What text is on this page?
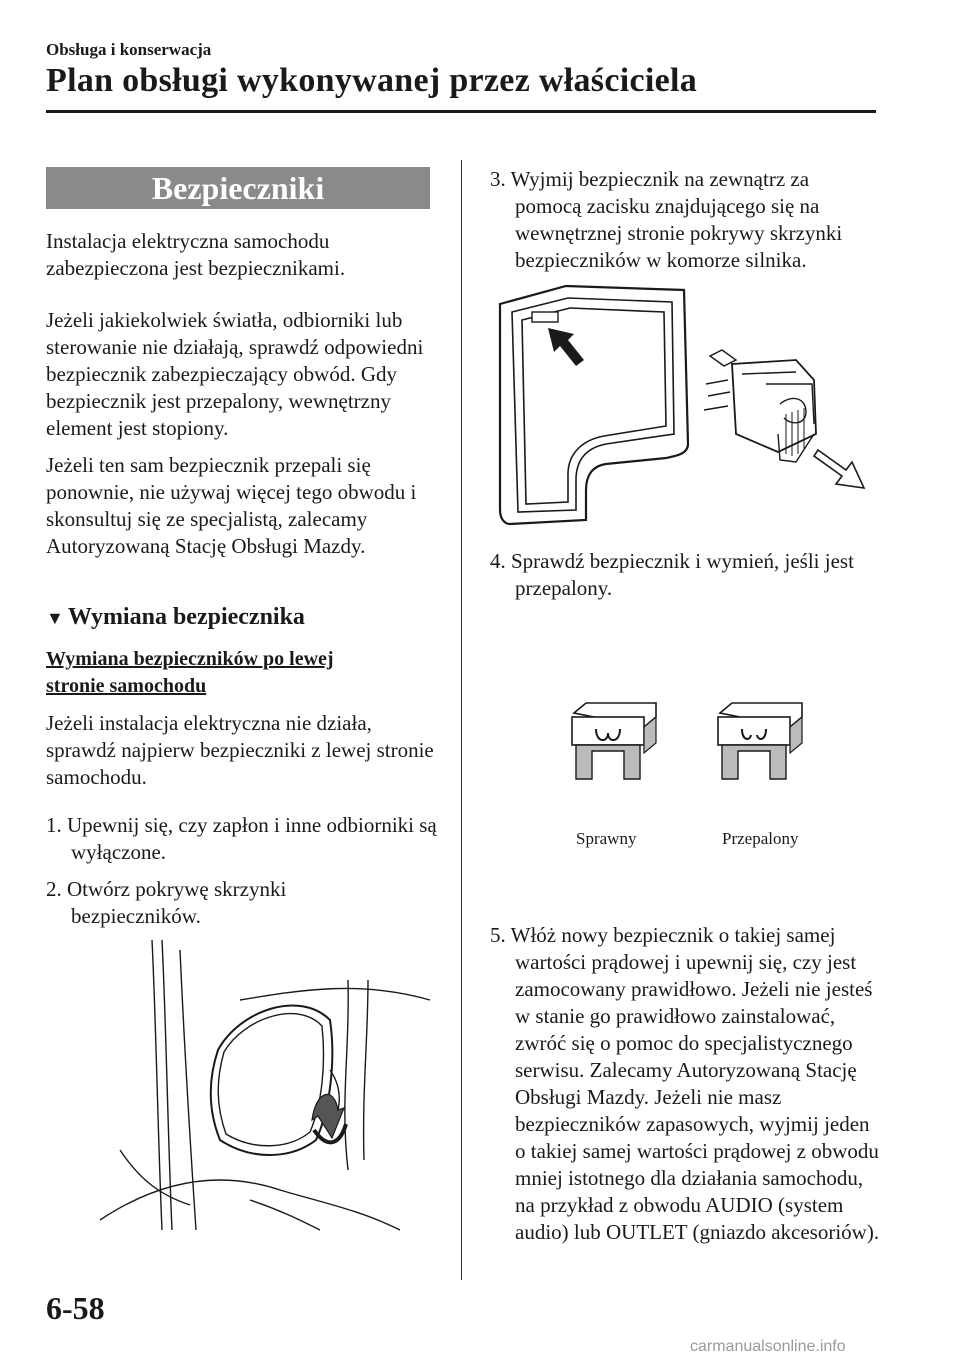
Obsługa i konserwacja
Plan obsługi wykonywanej przez właściciela
Bezpieczniki

Instalacja elektryczna samochodu zabezpieczona jest bezpiecznikami.

Jeżeli jakiekolwiek światła, odbiorniki lub sterowanie nie działają, sprawdź odpowiedni bezpiecznik zabezpieczający obwód. Gdy bezpiecznik jest przepalony, wewnętrzny element jest stopiony.

Jeżeli ten sam bezpiecznik przepali się ponownie, nie używaj więcej tego obwodu i skonsultuj się ze specjalistą, zalecamy Autoryzowaną Stację Obsługi Mazdy.

▼ Wymiana bezpiecznika
Wymiana bezpieczników po lewej stronie samochodu

Jeżeli instalacja elektryczna nie działa, sprawdź najpierw bezpieczniki z lewej stronie samochodu.

1. Upewnij się, czy zapłon i inne odbiorniki są wyłączone.

2. Otwórz pokrywę skrzynki bezpieczników.

3. Wyjmij bezpiecznik na zewnątrz za pomocą zacisku znajdującego się na wewnętrznej stronie pokrywy skrzynki bezpieczników w komorze silnika.

4. Sprawdź bezpiecznik i wymień, jeśli jest przepalony.

Sprawny	Przepalony

5. Włóż nowy bezpiecznik o takiej samej wartości prądowej i upewnij się, czy jest zamocowany prawidłowo. Jeżeli nie jesteś w stanie go prawidłowo zainstalować, zwróć się o pomoc do specjalistycznego serwisu. Zalecamy Autoryzowaną Stację Obsługi Mazdy. Jeżeli nie masz bezpieczników zapasowych, wyjmij jeden o takiej samej wartości prądowej z obwodu mniej istotnego dla działania samochodu, na przykład z obwodu AUDIO (system audio) lub OUTLET (gniazdo akcesoriów).

6-58
carmanualsonline.info
